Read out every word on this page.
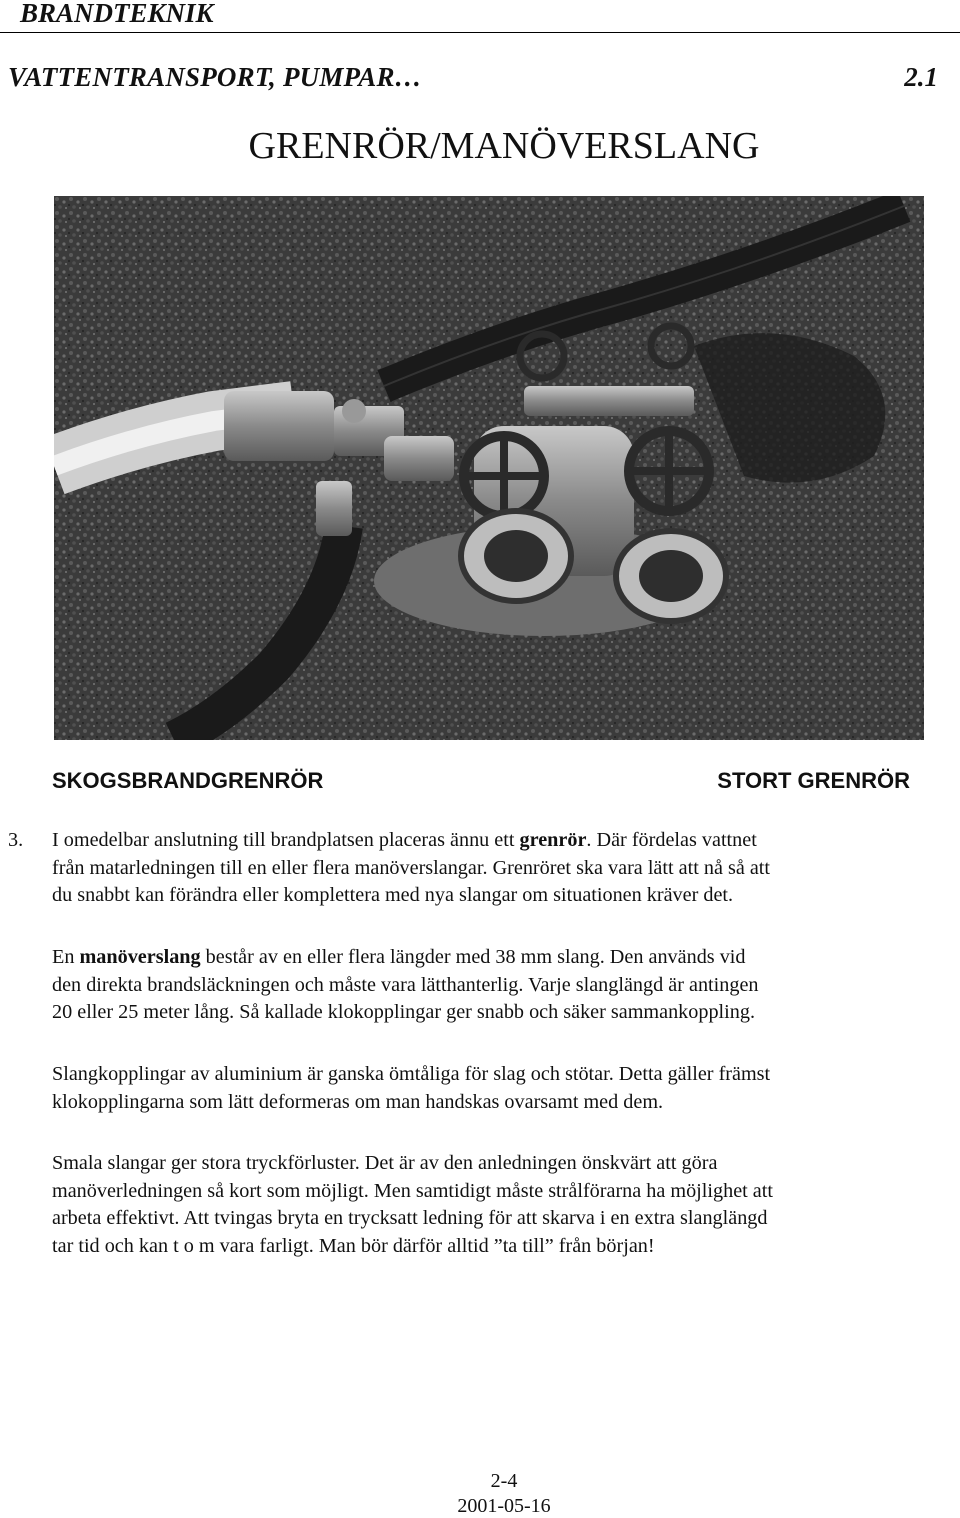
BRANDTEKNIK
VATTENTRANSPORT, PUMPAR…	2.1
GRENRÖR/MANÖVERSLANG
SKOGSBRANDGRENRÖR	STORT GRENRÖR
3. I omedelbar anslutning till brandplatsen placeras ännu ett grenrör. Där fördelas vattnet
från matarledningen till en eller flera manöverslangar. Grenröret ska vara lätt att nå så att
du snabbt kan förändra eller komplettera med nya slangar om situationen kräver det.
En manöverslang består av en eller flera längder med 38 mm slang. Den används vid
den direkta brandsläckningen och måste vara lätthanterlig. Varje slanglängd är antingen
20 eller 25 meter lång. Så kallade klokopplingar ger snabb och säker sammankoppling.
Slangkopplingar av aluminium är ganska ömtåliga för slag och stötar. Detta gäller främst
klokopplingarna som lätt deformeras om man handskas ovarsamt med dem.
Smala slangar ger stora tryckförluster. Det är av den anledningen önskvärt att göra
manöverledningen så kort som möjligt. Men samtidigt måste strålförarna ha möjlighet att
arbeta effektivt. Att tvingas bryta en trycksatt ledning för att skarva i en extra slanglängd
tar tid och kan t o m vara farligt. Man bör därför alltid ”ta till” från början!
2-4
2001-05-16
